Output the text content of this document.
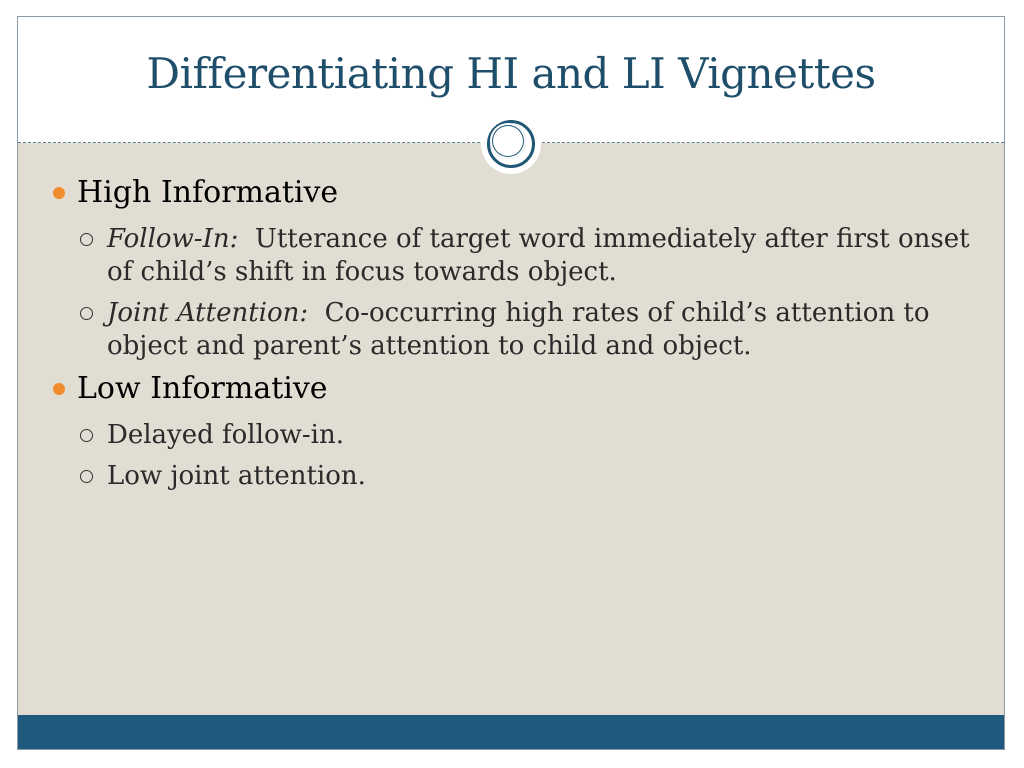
Differentiating HI and LI Vignettes
High Informative
Follow-In: Utterance of target word immediately after first onset of child’s shift in focus towards object.
Joint Attention: Co-occurring high rates of child’s attention to object and parent’s attention to child and object.
Low Informative
Delayed follow-in.
Low joint attention.
